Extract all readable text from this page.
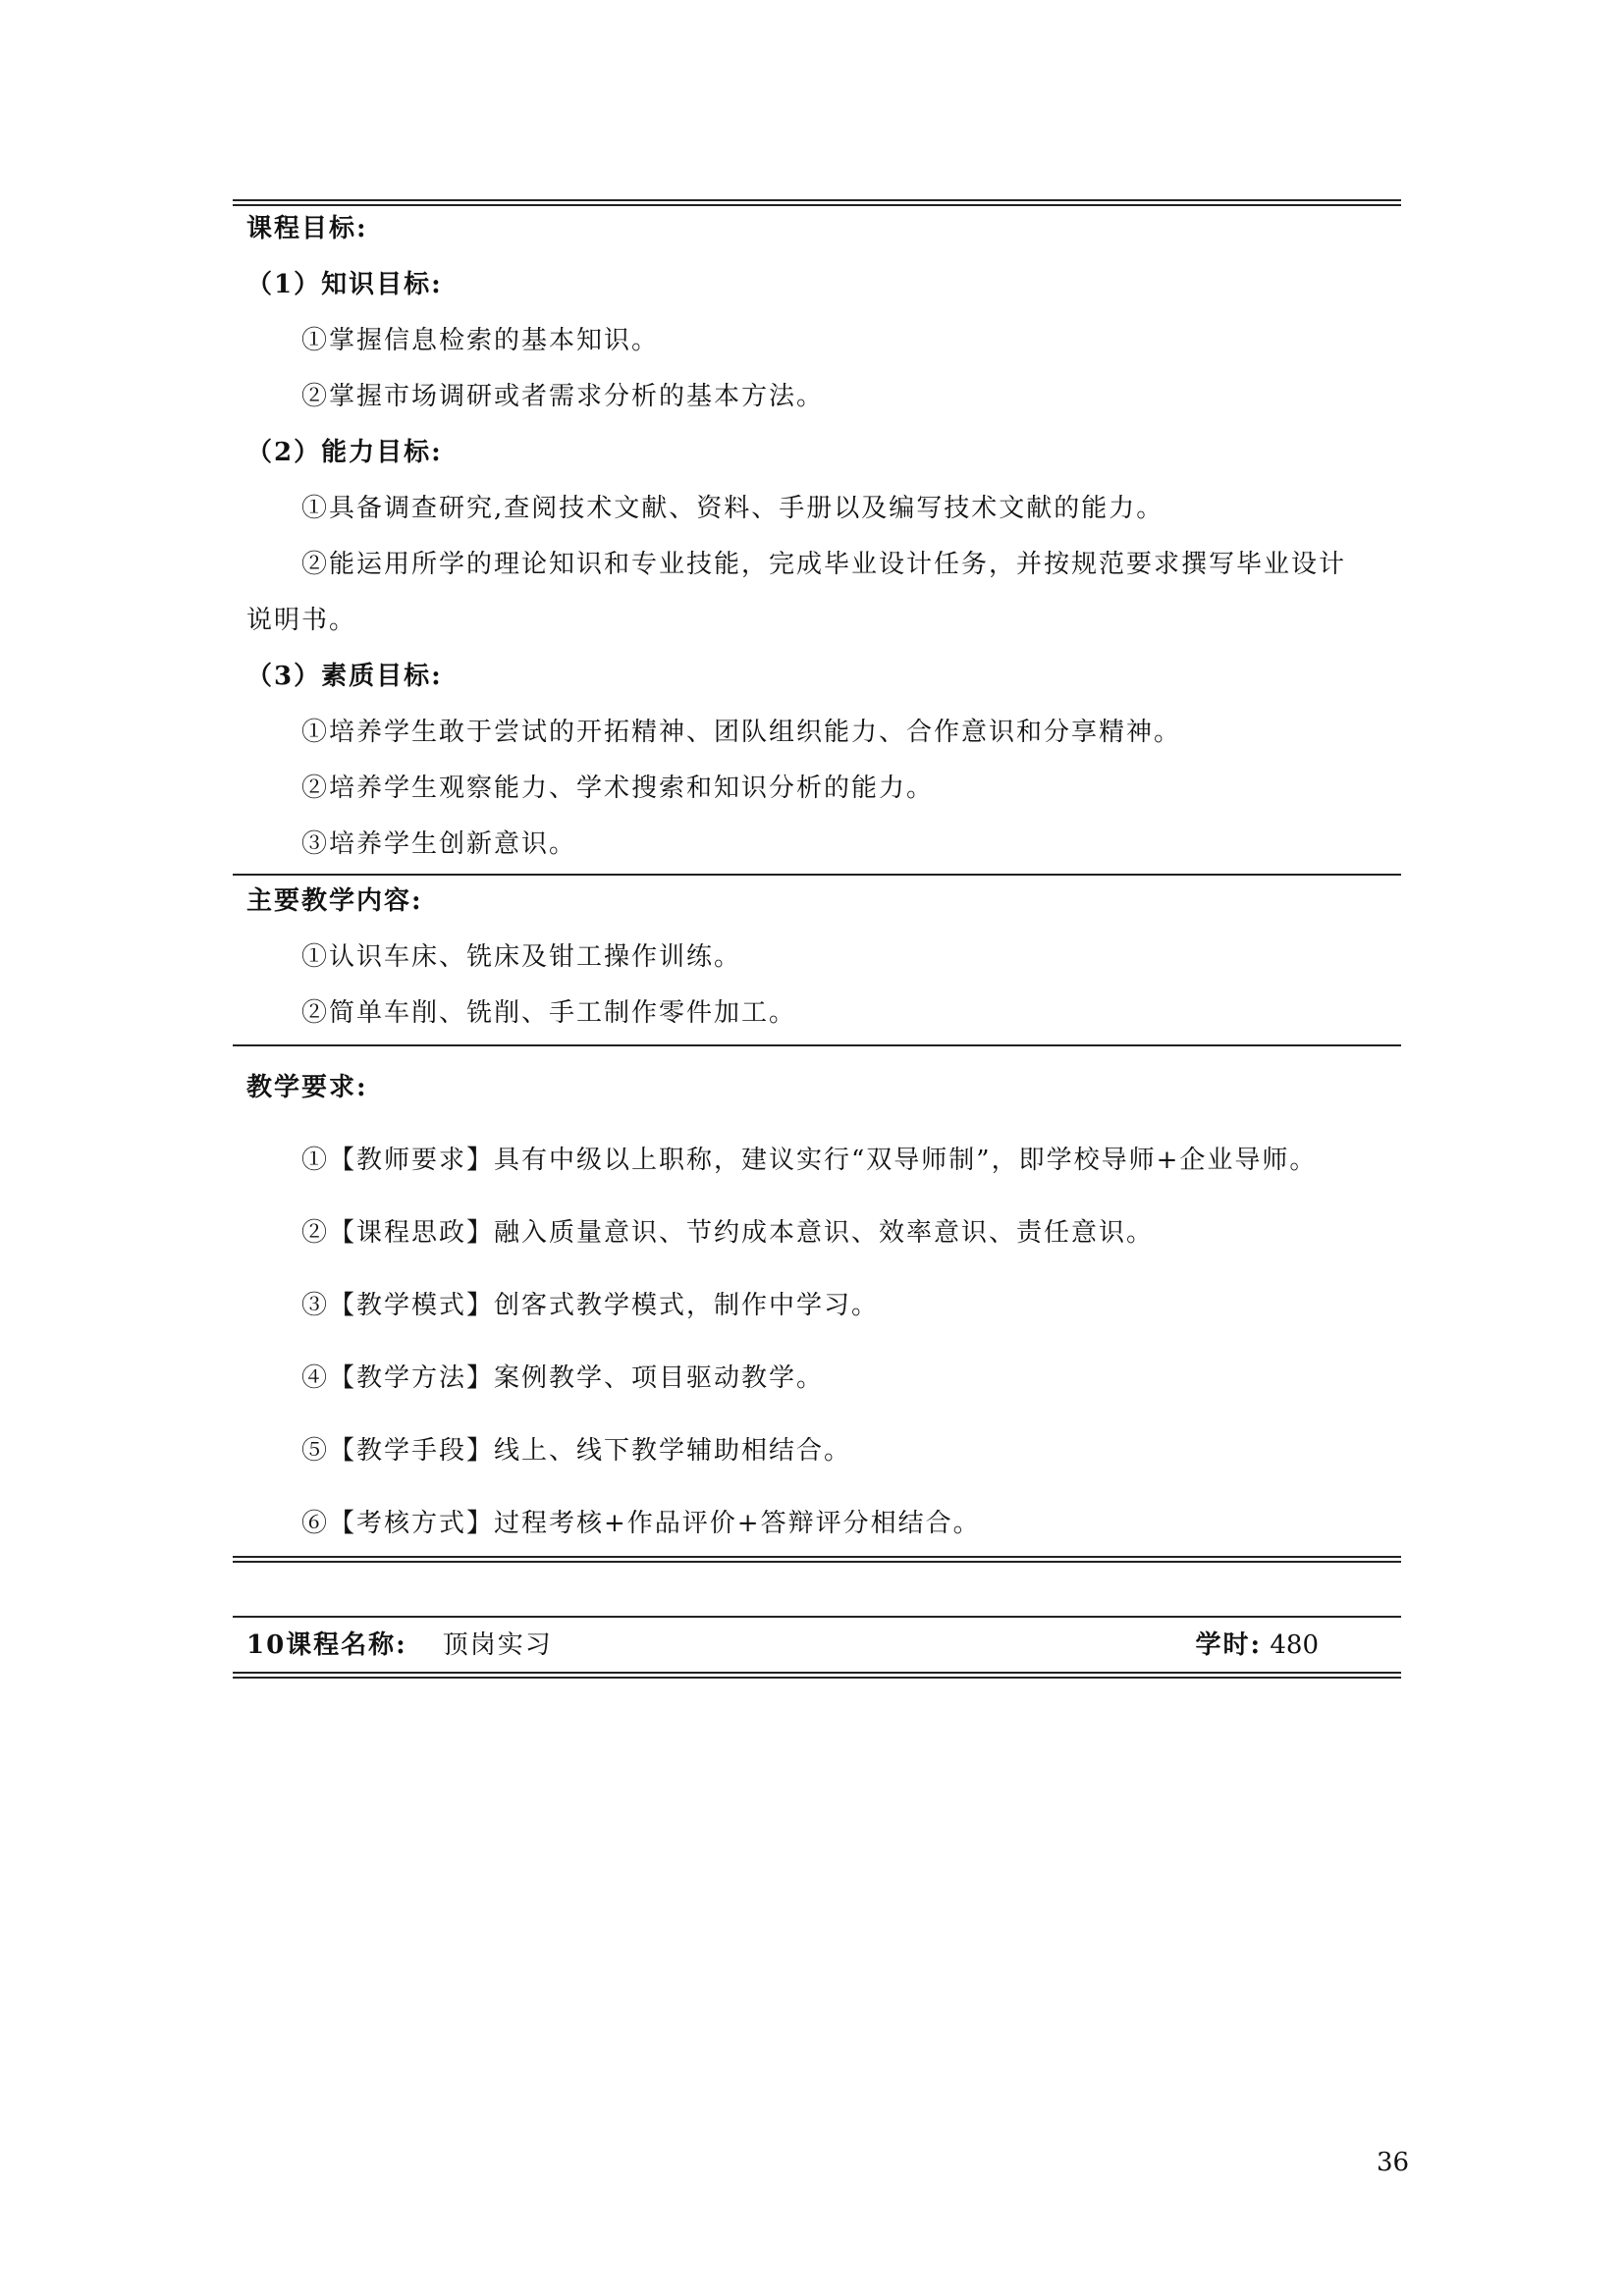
课程目标:
（1）知识目标:
①掌握信息检索的基本知识。
②掌握市场调研或者需求分析的基本方法。
（2）能力目标:
①具备调查研究,查阅技术文献、资料、手册以及编写技术文献的能力。
②能运用所学的理论知识和专业技能，完成毕业设计任务，并按规范要求撰写毕业设计
说明书。
（3）素质目标:
①培养学生敢于尝试的开拓精神、团队组织能力、合作意识和分享精神。
②培养学生观察能力、学术搜索和知识分析的能力。
③培养学生创新意识。
主要教学内容:
①认识车床、铣床及钳工操作训练。
②简单车削、铣削、手工制作零件加工。
教学要求:
①【教师要求】具有中级以上职称，建议实行“双导师制”，即学校导师+企业导师。
②【课程思政】融入质量意识、节约成本意识、效率意识、责任意识。
③【教学模式】创客式教学模式，制作中学习。
④【教学方法】案例教学、项目驱动教学。
⑤【教学手段】线上、线下教学辅助相结合。
⑥【考核方式】过程考核+作品评价+答辩评分相结合。
10课程名称: 顶岗实习	学时: 480
36
